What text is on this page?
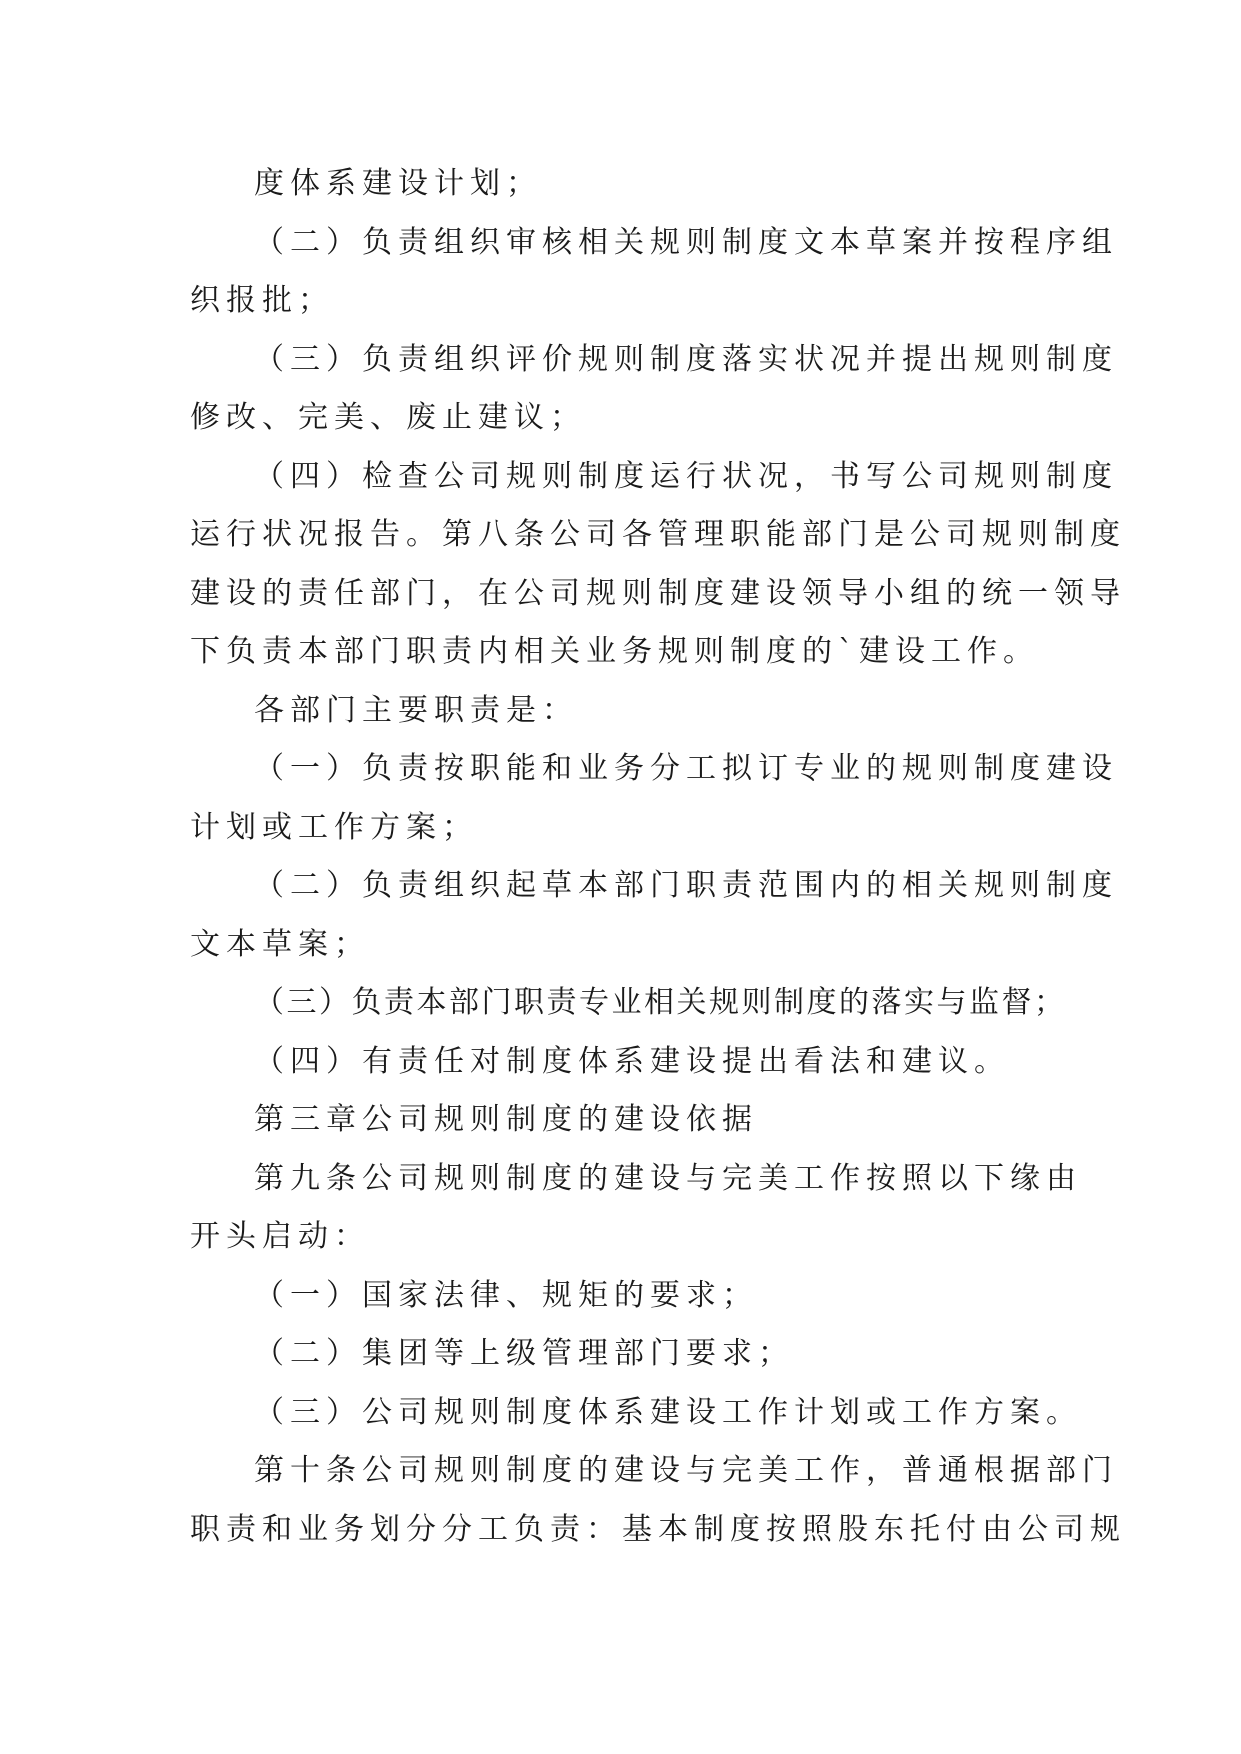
度体系建设计划；
（二）负责组织审核相关规则制度文本草案并按程序组
织报批；
（三）负责组织评价规则制度落实状况并提出规则制度
修改、完美、废止建议；
（四）检查公司规则制度运行状况，书写公司规则制度
运行状况报告。第八条公司各管理职能部门是公司规则制度
建设的责任部门，在公司规则制度建设领导小组的统一领导
下负责本部门职责内相关业务规则制度的`建设工作。
各部门主要职责是：
（一）负责按职能和业务分工拟订专业的规则制度建设
计划或工作方案；
（二）负责组织起草本部门职责范围内的相关规则制度
文本草案；
（三）负责本部门职责专业相关规则制度的落实与监督；
（四）有责任对制度体系建设提出看法和建议。
第三章公司规则制度的建设依据
第九条公司规则制度的建设与完美工作按照以下缘由
开头启动：
（一）国家法律、规矩的要求；
（二）集团等上级管理部门要求；
（三）公司规则制度体系建设工作计划或工作方案。
第十条公司规则制度的建设与完美工作，普通根据部门
职责和业务划分分工负责：基本制度按照股东托付由公司规
